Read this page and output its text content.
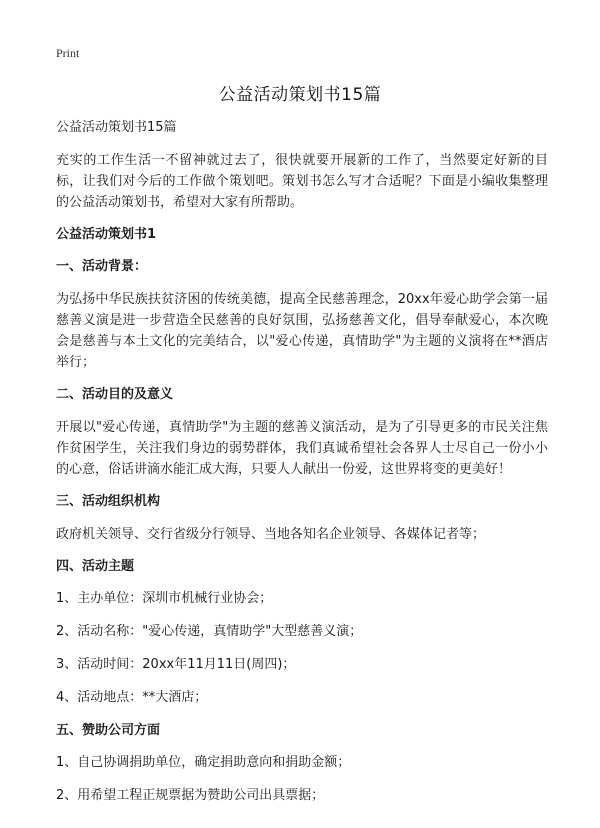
Print
公益活动策划书15篇

公益活动策划书15篇

充实的工作生活一不留神就过去了，很快就要开展新的工作了，当然要定好新的目标，让我们对今后的工作做个策划吧。策划书怎么写才合适呢？下面是小编收集整理的公益活动策划书，希望对大家有所帮助。

公益活动策划书1

一、活动背景：

为弘扬中华民族扶贫济困的传统美德，提高全民慈善理念，20xx年爱心助学会第一届慈善义演是进一步营造全民慈善的良好氛围，弘扬慈善文化，倡导奉献爱心，本次晚会是慈善与本土文化的完美结合，以"爱心传递，真情助学"为主题的义演将在**酒店举行；

二、活动目的及意义

开展以"爱心传递，真情助学"为主题的慈善义演活动，是为了引导更多的市民关注焦作贫困学生，关注我们身边的弱势群体，我们真诚希望社会各界人士尽自己一份小小的心意，俗话讲滴水能汇成大海，只要人人献出一份爱，这世界将变的更美好！

三、活动组织机构

政府机关领导、交行省级分行领导、当地各知名企业领导、各媒体记者等；

四、活动主题

1、主办单位：深圳市机械行业协会；

2、活动名称："爱心传递，真情助学"大型慈善义演；

3、活动时间：20xx年11月11日(周四)；

4、活动地点：**大酒店；

五、赞助公司方面

1、自己协调捐助单位，确定捐助意向和捐助金额；

2、用希望工程正规票据为赞助公司出具票据；
